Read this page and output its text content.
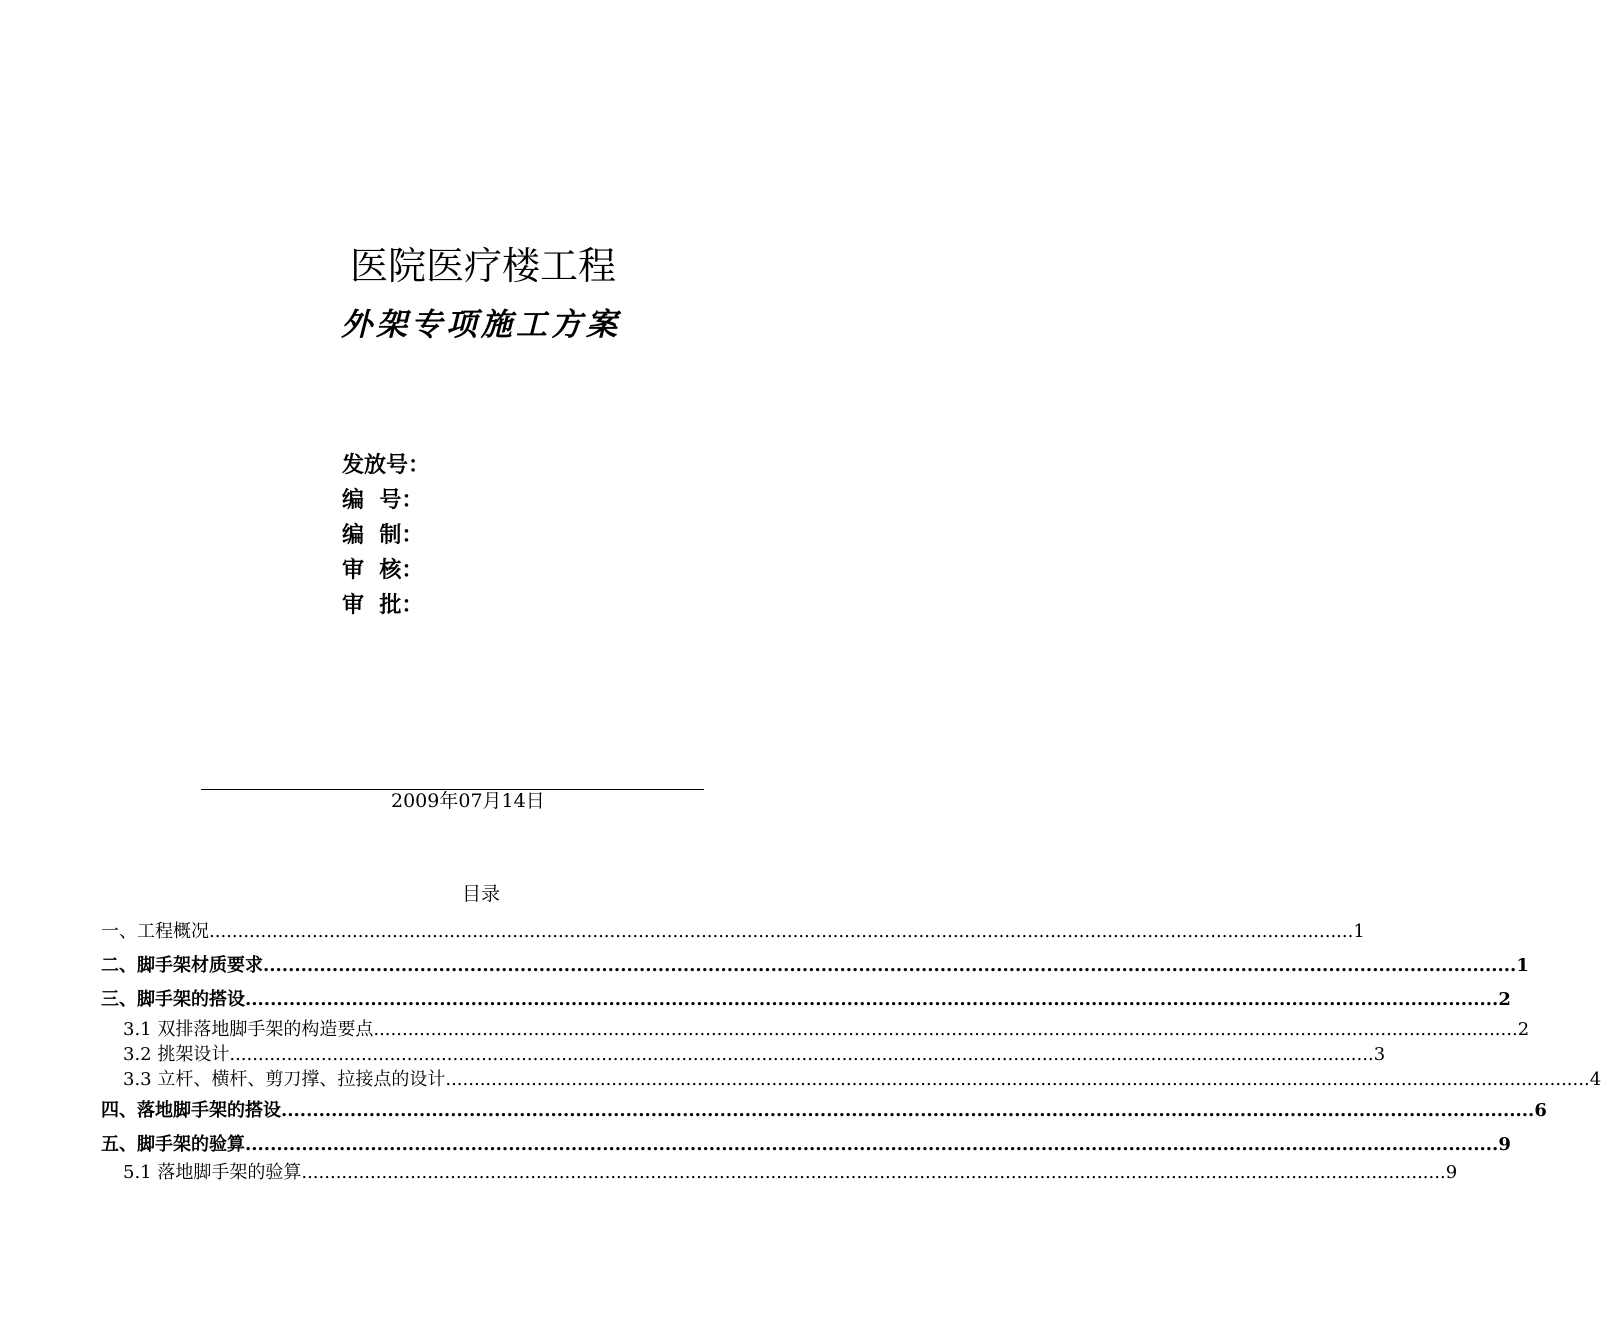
医院医疗楼工程
外架专项施工方案
发放号：
编  号：
编  制：
审  核：
审  批：
2009年07月14日
目录
一、工程概况 ........................................................................................................................................................................................................ 1
二、脚手架材质要求 ........................................................................................................................................................................................................ 1
三、脚手架的搭设 ........................................................................................................................................................................................................ 2
3.1 双排落地脚手架的构造要点 ........................................................................................................................................................................................................ 2
3.2 挑架设计 ........................................................................................................................................................................................................ 3
3.3 立杆、横杆、剪刀撑、拉接点的设计 ........................................................................................................................................................................................................ 4
四、落地脚手架的搭设 ........................................................................................................................................................................................................ 6
五、脚手架的验算 ........................................................................................................................................................................................................ 9
5.1 落地脚手架的验算 ........................................................................................................................................................................................................ 9
